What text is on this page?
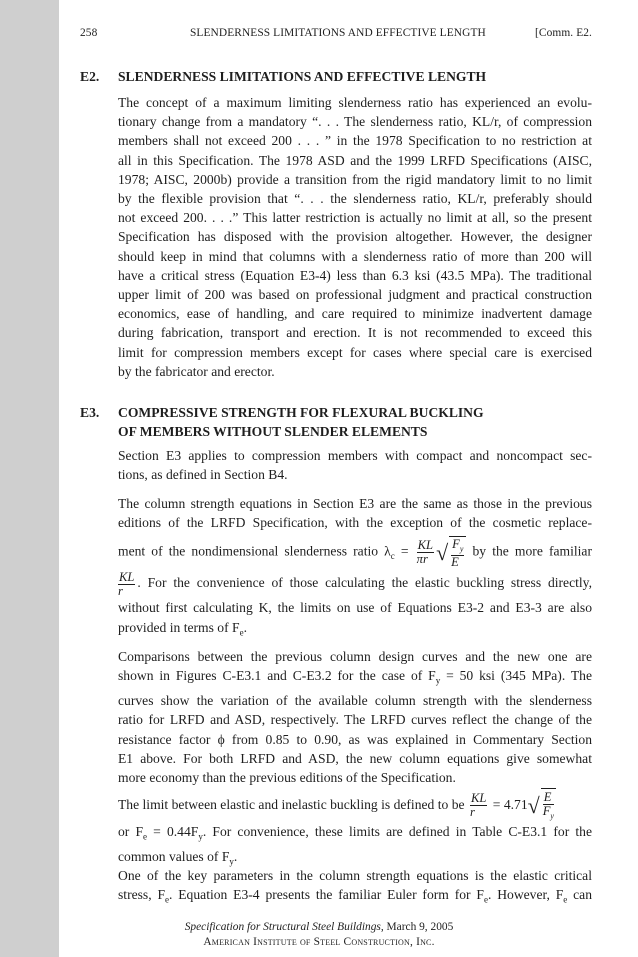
258	SLENDERNESS LIMITATIONS AND EFFECTIVE LENGTH	[Comm. E2.
E2. SLENDERNESS LIMITATIONS AND EFFECTIVE LENGTH
The concept of a maximum limiting slenderness ratio has experienced an evolu-
tionary change from a mandatory “. . . The slenderness ratio, KL/r, of compression
members shall not exceed 200 . . . ” in the 1978 Specification to no restriction at
all in this Specification. The 1978 ASD and the 1999 LRFD Specifications (AISC,
1978; AISC, 2000b) provide a transition from the rigid mandatory limit to no limit
by the flexible provision that “. . . the slenderness ratio, KL/r, preferably should
not exceed 200. . . .” This latter restriction is actually no limit at all, so the present
Specification has disposed with the provision altogether. However, the designer
should keep in mind that columns with a slenderness ratio of more than 200 will
have a critical stress (Equation E3-4) less than 6.3 ksi (43.5 MPa). The traditional
upper limit of 200 was based on professional judgment and practical construction
economics, ease of handling, and care required to minimize inadvertent damage
during fabrication, transport and erection. It is not recommended to exceed this
limit for compression members except for cases where special care is exercised
by the fabricator and erector.
E3. COMPRESSIVE STRENGTH FOR FLEXURAL BUCKLING
OF MEMBERS WITHOUT SLENDER ELEMENTS
Section E3 applies to compression members with compact and noncompact sec-
tions, as defined in Section B4.
The column strength equations in Section E3 are the same as those in the previous
editions of the LRFD Specification, with the exception of the cosmetic replace-
ment of the nondimensional slenderness ratio $\lambda_c = \frac{KL}{\pi r}$ √ $\frac{F_y}{E}$ by the more familiar
$\frac{KL}{r}$ . For the convenience of those calculating the elastic buckling stress directly,
without first calculating K, the limits on use of Equations E3-2 and E3-3 are also
provided in terms of $F_e$.
Comparisons between the previous column design curves and the new one are
shown in Figures C-E3.1 and C-E3.2 for the case of $F_y = 50$ ksi (345 MPa). The
curves show the variation of the available column strength with the slenderness
ratio for LRFD and ASD, respectively. The LRFD curves reflect the change of the
resistance factor ϕ from 0.85 to 0.90, as was explained in Commentary Section
E1 above. For both LRFD and ASD, the new column equations give somewhat
more economy than the previous editions of the Specification.
The limit between elastic and inelastic buckling is defined to be $\frac{KL}{r} = 4.71√ \frac{E}{F_y}$
or $F_e = 0.44F_y$. For convenience, these limits are defined in Table C-E3.1 for the
common values of $F_y$.
One of the key parameters in the column strength equations is the elastic critical
stress, $F_e$. Equation E3-4 presents the familiar Euler form for $F_e$. However, $F_e$ can
Specification for Structural Steel Buildings, March 9, 2005
American Institute of Steel Construction, Inc.
